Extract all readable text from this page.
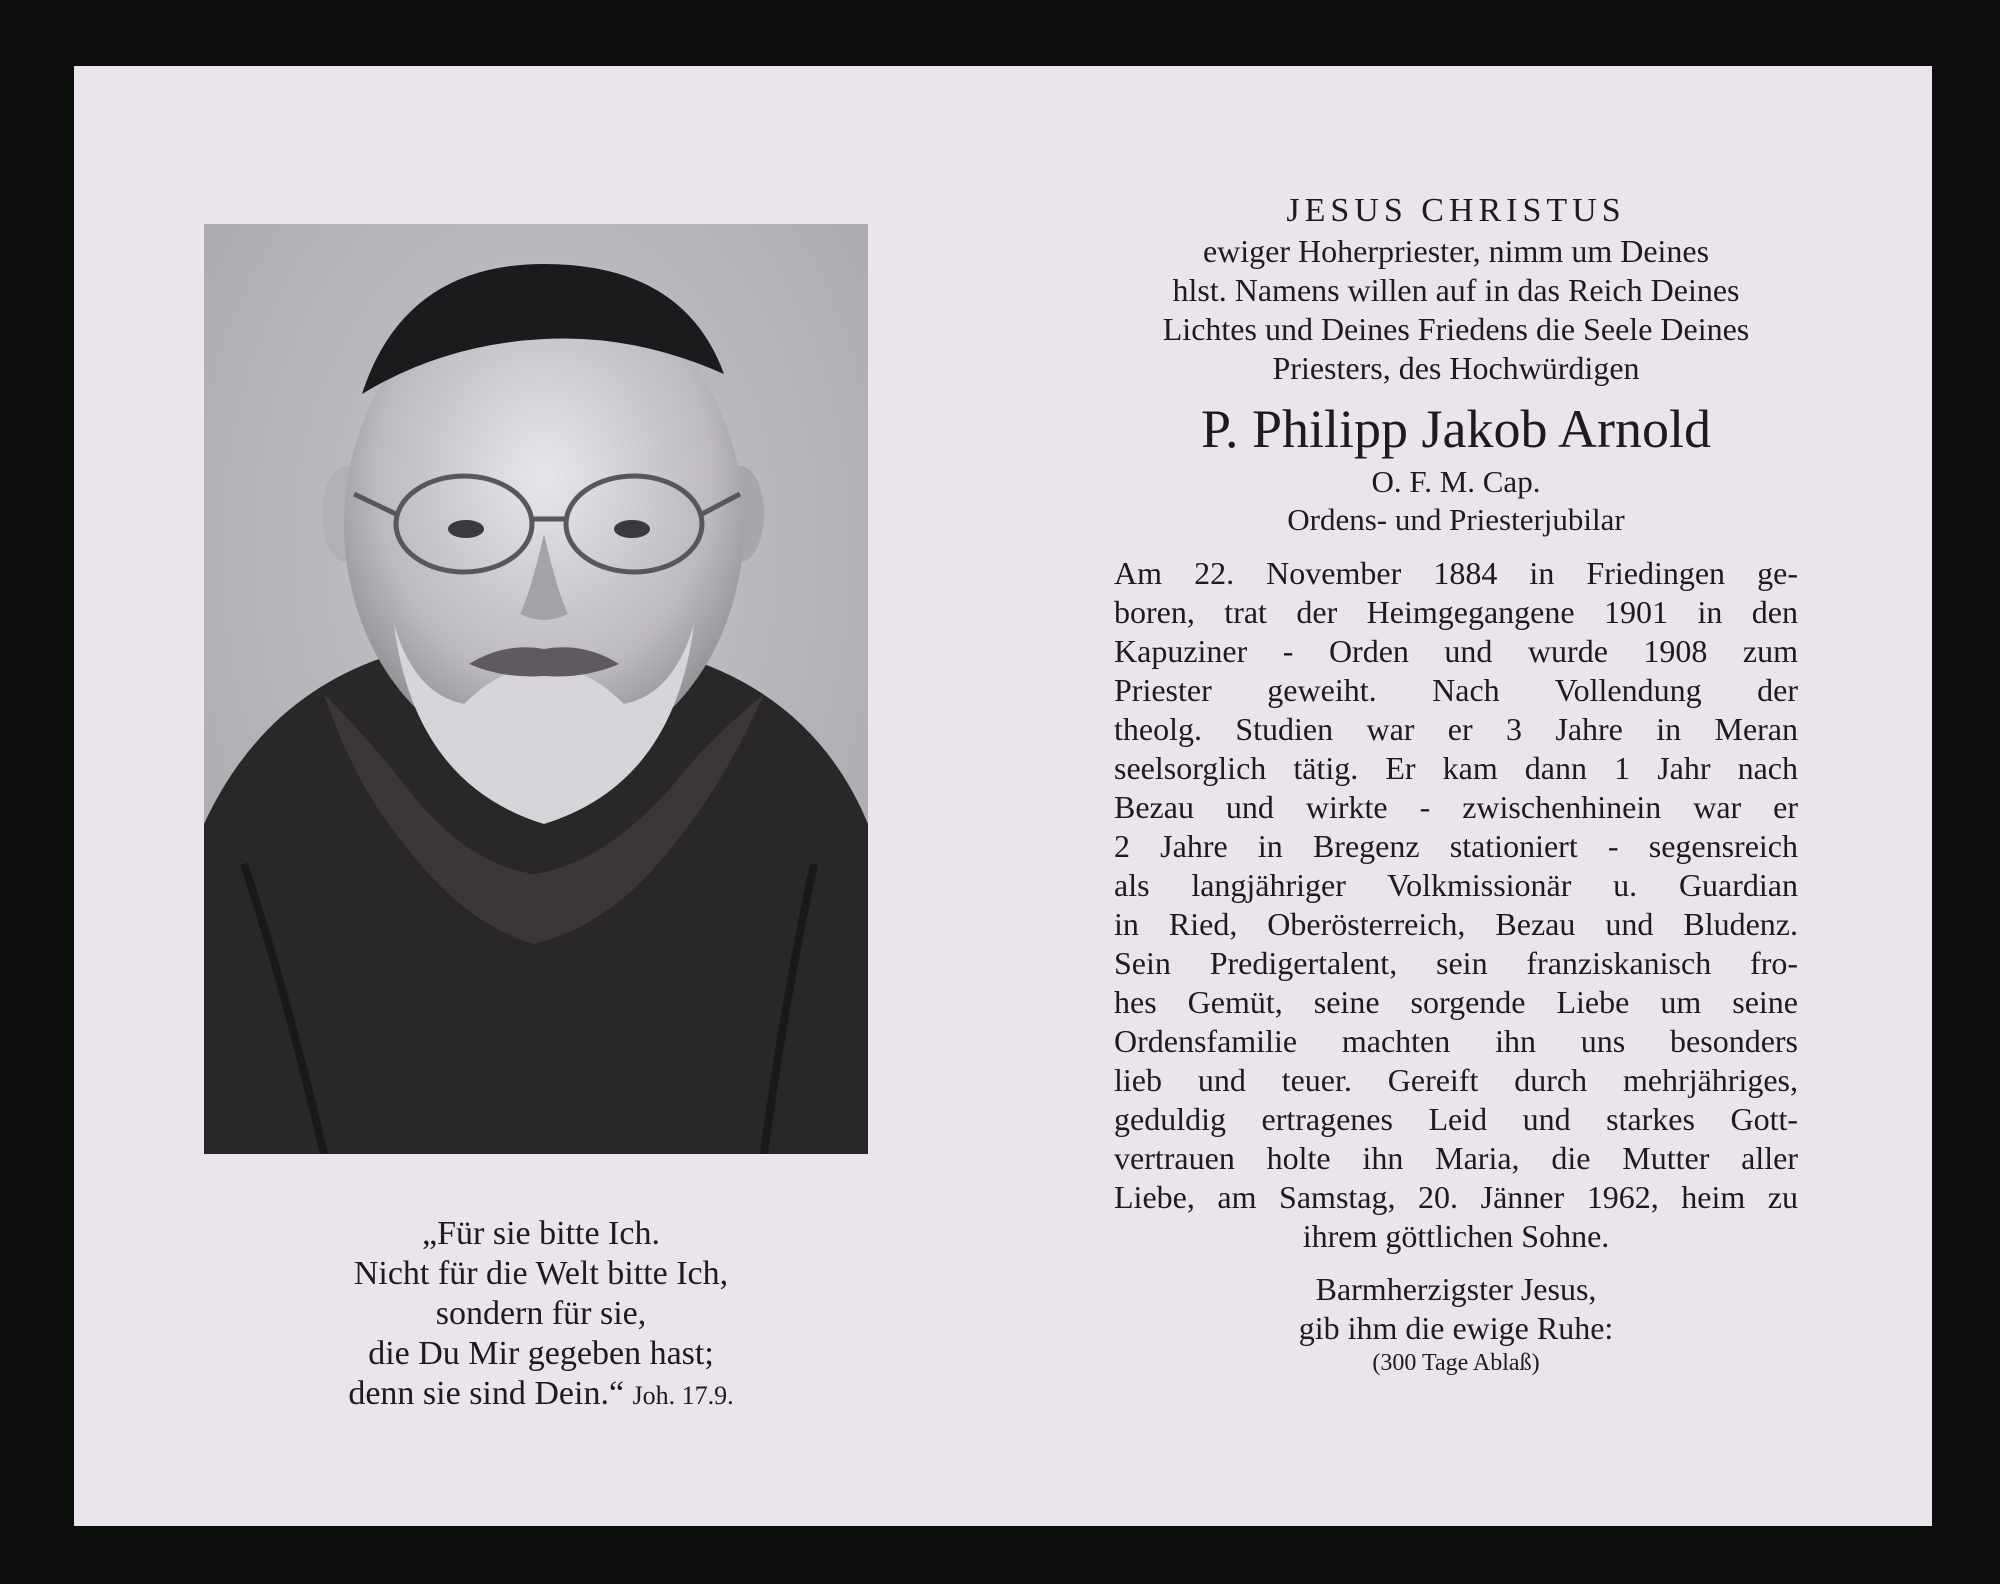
„Für sie bitte Ich.
Nicht für die Welt bitte Ich,
sondern für sie,
die Du Mir gegeben hast;
denn sie sind Dein.“ Joh. 17.9.
JESUS CHRISTUS
ewiger Hoherpriester, nimm um Deines
hlst. Namens willen auf in das Reich Deines
Lichtes und Deines Friedens die Seele Deines
Priesters, des Hochwürdigen
P. Philipp Jakob Arnold
O. F. M. Cap.
Ordens- und Priesterjubilar

Am 22. November 1884 in Friedingen ge-

boren, trat der Heimgegangene 1901 in den

Kapuziner - Orden und wurde 1908 zum

Priester geweiht. Nach Vollendung der

theolg. Studien war er 3 Jahre in Meran

seelsorglich tätig. Er kam dann 1 Jahr nach

Bezau und wirkte - zwischenhinein war er

2 Jahre in Bregenz stationiert - segensreich

als langjähriger Volkmissionär u. Guardian

in Ried, Oberösterreich, Bezau und Bludenz.

Sein Predigertalent, sein franziskanisch fro-

hes Gemüt, seine sorgende Liebe um seine

Ordensfamilie machten ihn uns besonders

lieb und teuer. Gereift durch mehrjähriges,

geduldig ertragenes Leid und starkes Gott-

vertrauen holte ihn Maria, die Mutter aller

Liebe, am Samstag, 20. Jänner 1962, heim zu

ihrem göttlichen Sohne.

Barmherzigster Jesus,
gib ihm die ewige Ruhe:
(300 Tage Ablaß)
